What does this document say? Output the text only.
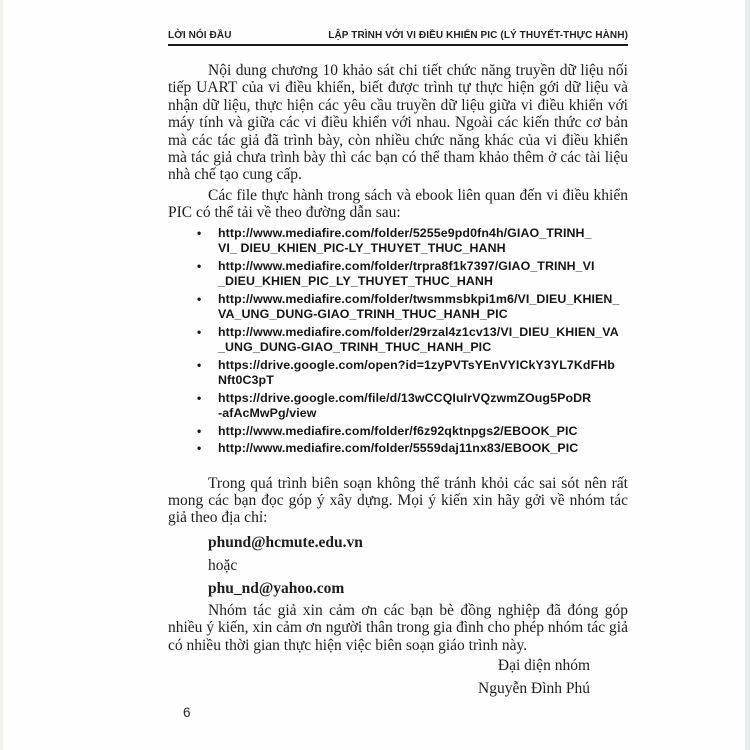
LỜI NÓI ĐẦU	LẬP TRÌNH VỚI VI ĐIỀU KHIỂN PIC (LÝ THUYẾT-THỰC HÀNH)

Nội dung chương 10 khảo sát chi tiết chức năng truyền dữ liệu nối tiếp UART của vi điều khiển, biết được trình tự thực hiện gới dữ liệu và nhận dữ liệu, thực hiện các yêu cầu truyền dữ liệu giữa vi điều khiển với máy tính và giữa các vi điều khiển với nhau. Ngoài các kiến thức cơ bản mà các tác giả đã trình bày, còn nhiều chức năng khác của vi điều khiển mà tác giả chưa trình bày thì các bạn có thể tham khảo thêm ở các tài liệu nhà chế tạo cung cấp.

Các file thực hành trong sách và ebook liên quan đến vi điều khiển PIC có thể tải về theo đường dẫn sau:

• http://www.mediafire.com/folder/5255e9pd0fn4h/GIAO_TRINH_
VI_ DIEU_KHIEN_PIC-LY_THUYET_THUC_HANH
• http://www.mediafire.com/folder/trpra8f1k7397/GIAO_TRINH_VI
_DIEU_KHIEN_PIC_LY_THUYET_THUC_HANH
• http://www.mediafire.com/folder/twsmmsbkpi1m6/VI_DIEU_KHIEN_
VA_UNG_DUNG-GIAO_TRINH_THUC_HANH_PIC
• http://www.mediafire.com/folder/29rzal4z1cv13/VI_DIEU_KHIEN_VA
_UNG_DUNG-GIAO_TRINH_THUC_HANH_PIC
• https://drive.google.com/open?id=1zyPVTsYEnVYICkY3YL7KdFHb
Nft0C3pT
• https://drive.google.com/file/d/13wCCQIuIrVQzwmZOug5PoDR
-afAcMwPg/view
• http://www.mediafire.com/folder/f6z92qktnpgs2/EBOOK_PIC
• http://www.mediafire.com/folder/5559daj11nx83/EBOOK_PIC

Trong quá trình biên soạn không thể tránh khỏi các sai sót nên rất mong các bạn đọc góp ý xây dựng. Mọi ý kiến xin hãy gởi về nhóm tác giả theo địa chỉ:

phund@hcmute.edu.vn
hoặc
phu_nd@yahoo.com

Nhóm tác giả xin cảm ơn các bạn bè đồng nghiệp đã đóng góp nhiều ý kiến, xin cảm ơn người thân trong gia đình cho phép nhóm tác giả có nhiều thời gian thực hiện việc biên soạn giáo trình này.

Đại diện nhóm
Nguyễn Đình Phú
6
